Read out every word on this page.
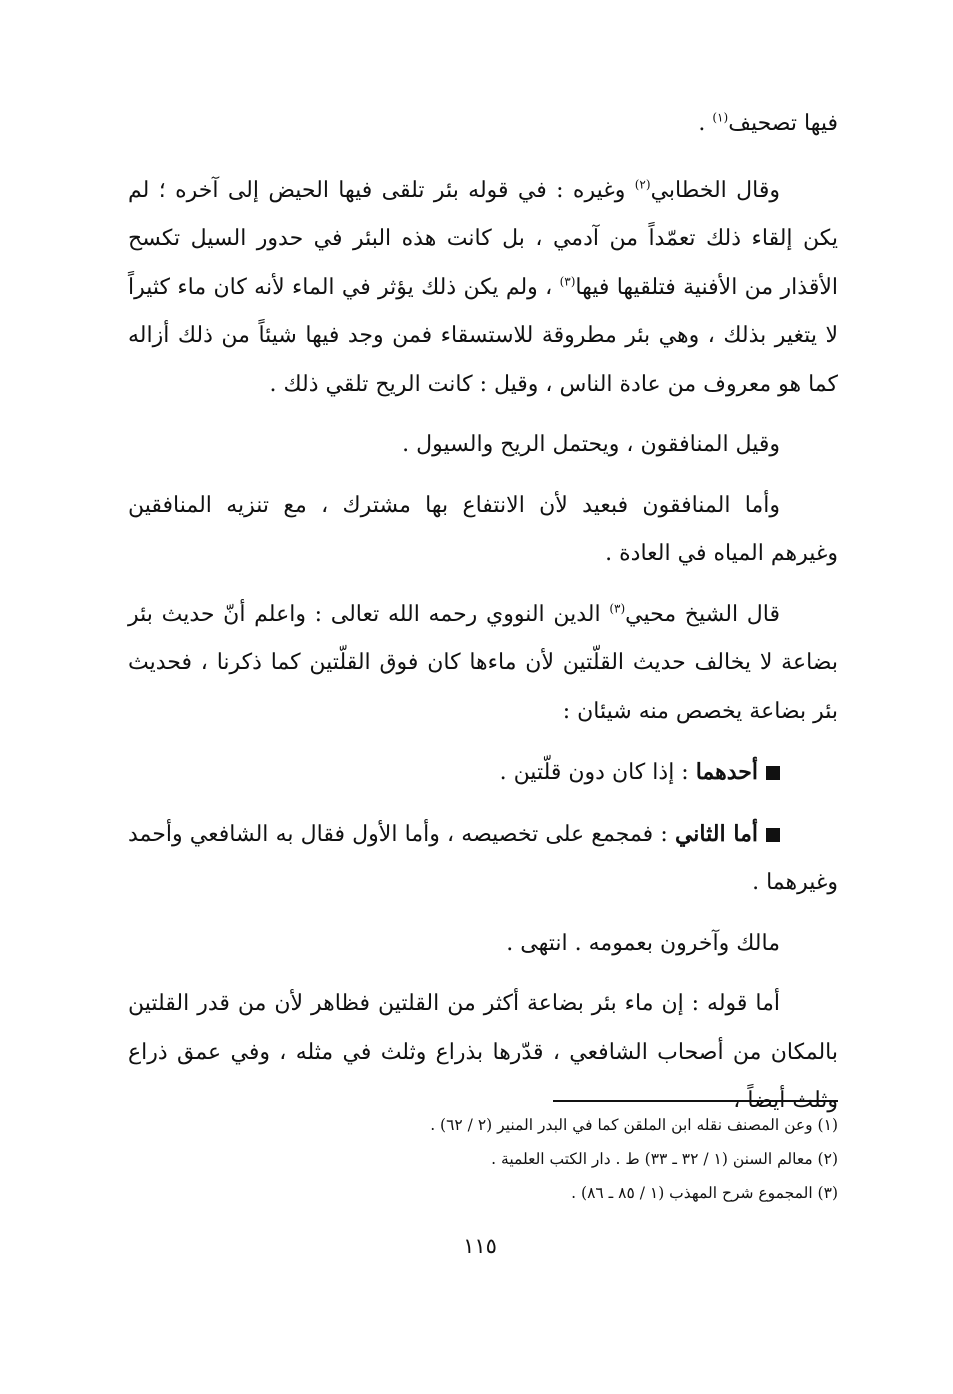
فيها تصحيف$^{(١)}$ .

وقال الخطابي$^{(٢)}$ وغيره : في قوله بئر تلقى فيها الحيض إلى آخره ؛ لم يكن إلقاء ذلك تعمّداً من آدمي ، بل كانت هذه البئر في حدور السيل تكسح الأقذار من الأفنية فتلقيها فيها$^{(٣)}$ ، ولم يكن ذلك يؤثر في الماء لأنه كان ماء كثيراً لا يتغير بذلك ، وهي بئر مطروقة للاستسقاء فمن وجد فيها شيئاً من ذلك أزاله كما هو معروف من عادة الناس ، وقيل : كانت الريح تلقي ذلك .

وقيل المنافقون ، ويحتمل الريح والسيول .

وأما المنافقون فبعيد لأن الانتفاع بها مشترك ، مع تنزيه المنافقين وغيرهم المياه في العادة .

قال الشيخ محيي$^{(٣)}$ الدين النووي رحمه الله تعالى : واعلم أنّ حديث بئر بضاعة لا يخالف حديث القلّتين لأن ماءها كان فوق القلّتين كما ذكرنا ، فحديث بئر بضاعة يخصص منه شيئان :

أحدهما : إذا كان دون قلّتين .

أما الثاني : فمجمع على تخصيصه ، وأما الأول فقال به الشافعي وأحمد وغيرهما .

مالك وآخرون بعمومه . انتهى .

أما قوله : إن ماء بئر بضاعة أكثر من القلتين فظاهر لأن من قدر القلتين بالمكان من أصحاب الشافعي ، قدّرها بذراع وثلث في مثله ، وفي عمق ذراع وثلث أيضاً ،

(١) وعن المصنف نقله ابن الملقن كما في البدر المنير (٢ / ٦٢) .

(٢) معالم السنن (١ / ٣٢ ـ ٣٣) ط . دار الكتب العلمية .

(٣) المجموع شرح المهذب (١ / ٨٥ ـ ٨٦) .

١١٥
